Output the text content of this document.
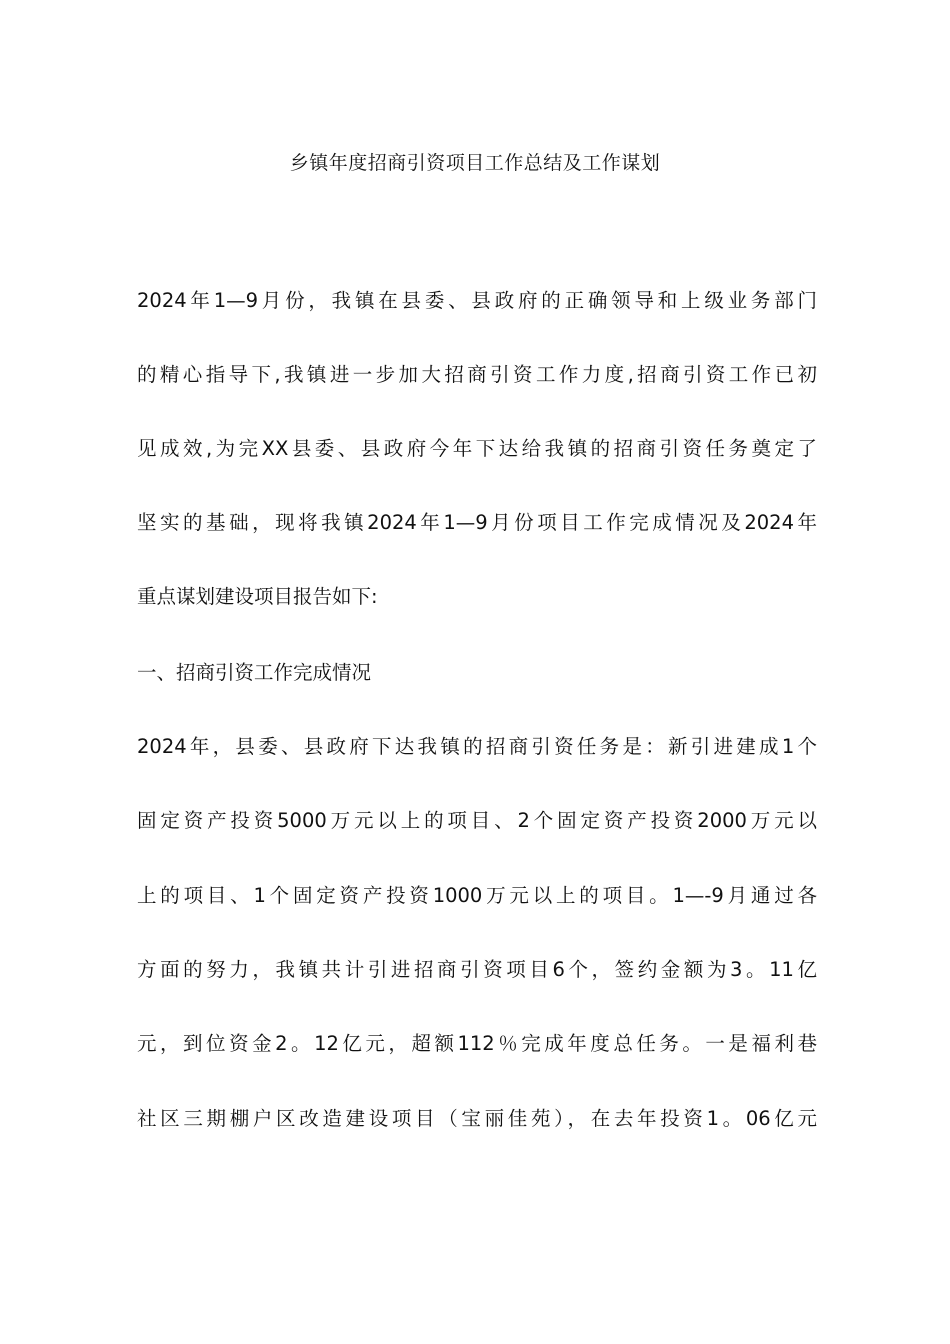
乡镇年度招商引资项目工作总结及工作谋划
2024年1—9月份，我镇在县委、县政府的正确领导和上级业务部门
的精心指导下,我镇进一步加大招商引资工作力度,招商引资工作已初
见成效,为完XX县委、县政府今年下达给我镇的招商引资任务奠定了
坚实的基础，现将我镇2024年1—9月份项目工作完成情况及2024年
重点谋划建设项目报告如下:
一、招商引资工作完成情况
2024年，县委、县政府下达我镇的招商引资任务是：新引进建成1个
固定资产投资5000万元以上的项目、2个固定资产投资2000万元以
上的项目、1个固定资产投资1000万元以上的项目。1—-9月通过各
方面的努力，我镇共计引进招商引资项目6个，签约金额为3。11亿
元，到位资金2。12亿元，超额112％完成年度总任务。一是福利巷
社区三期棚户区改造建设项目（宝丽佳苑），在去年投资1。06亿元
